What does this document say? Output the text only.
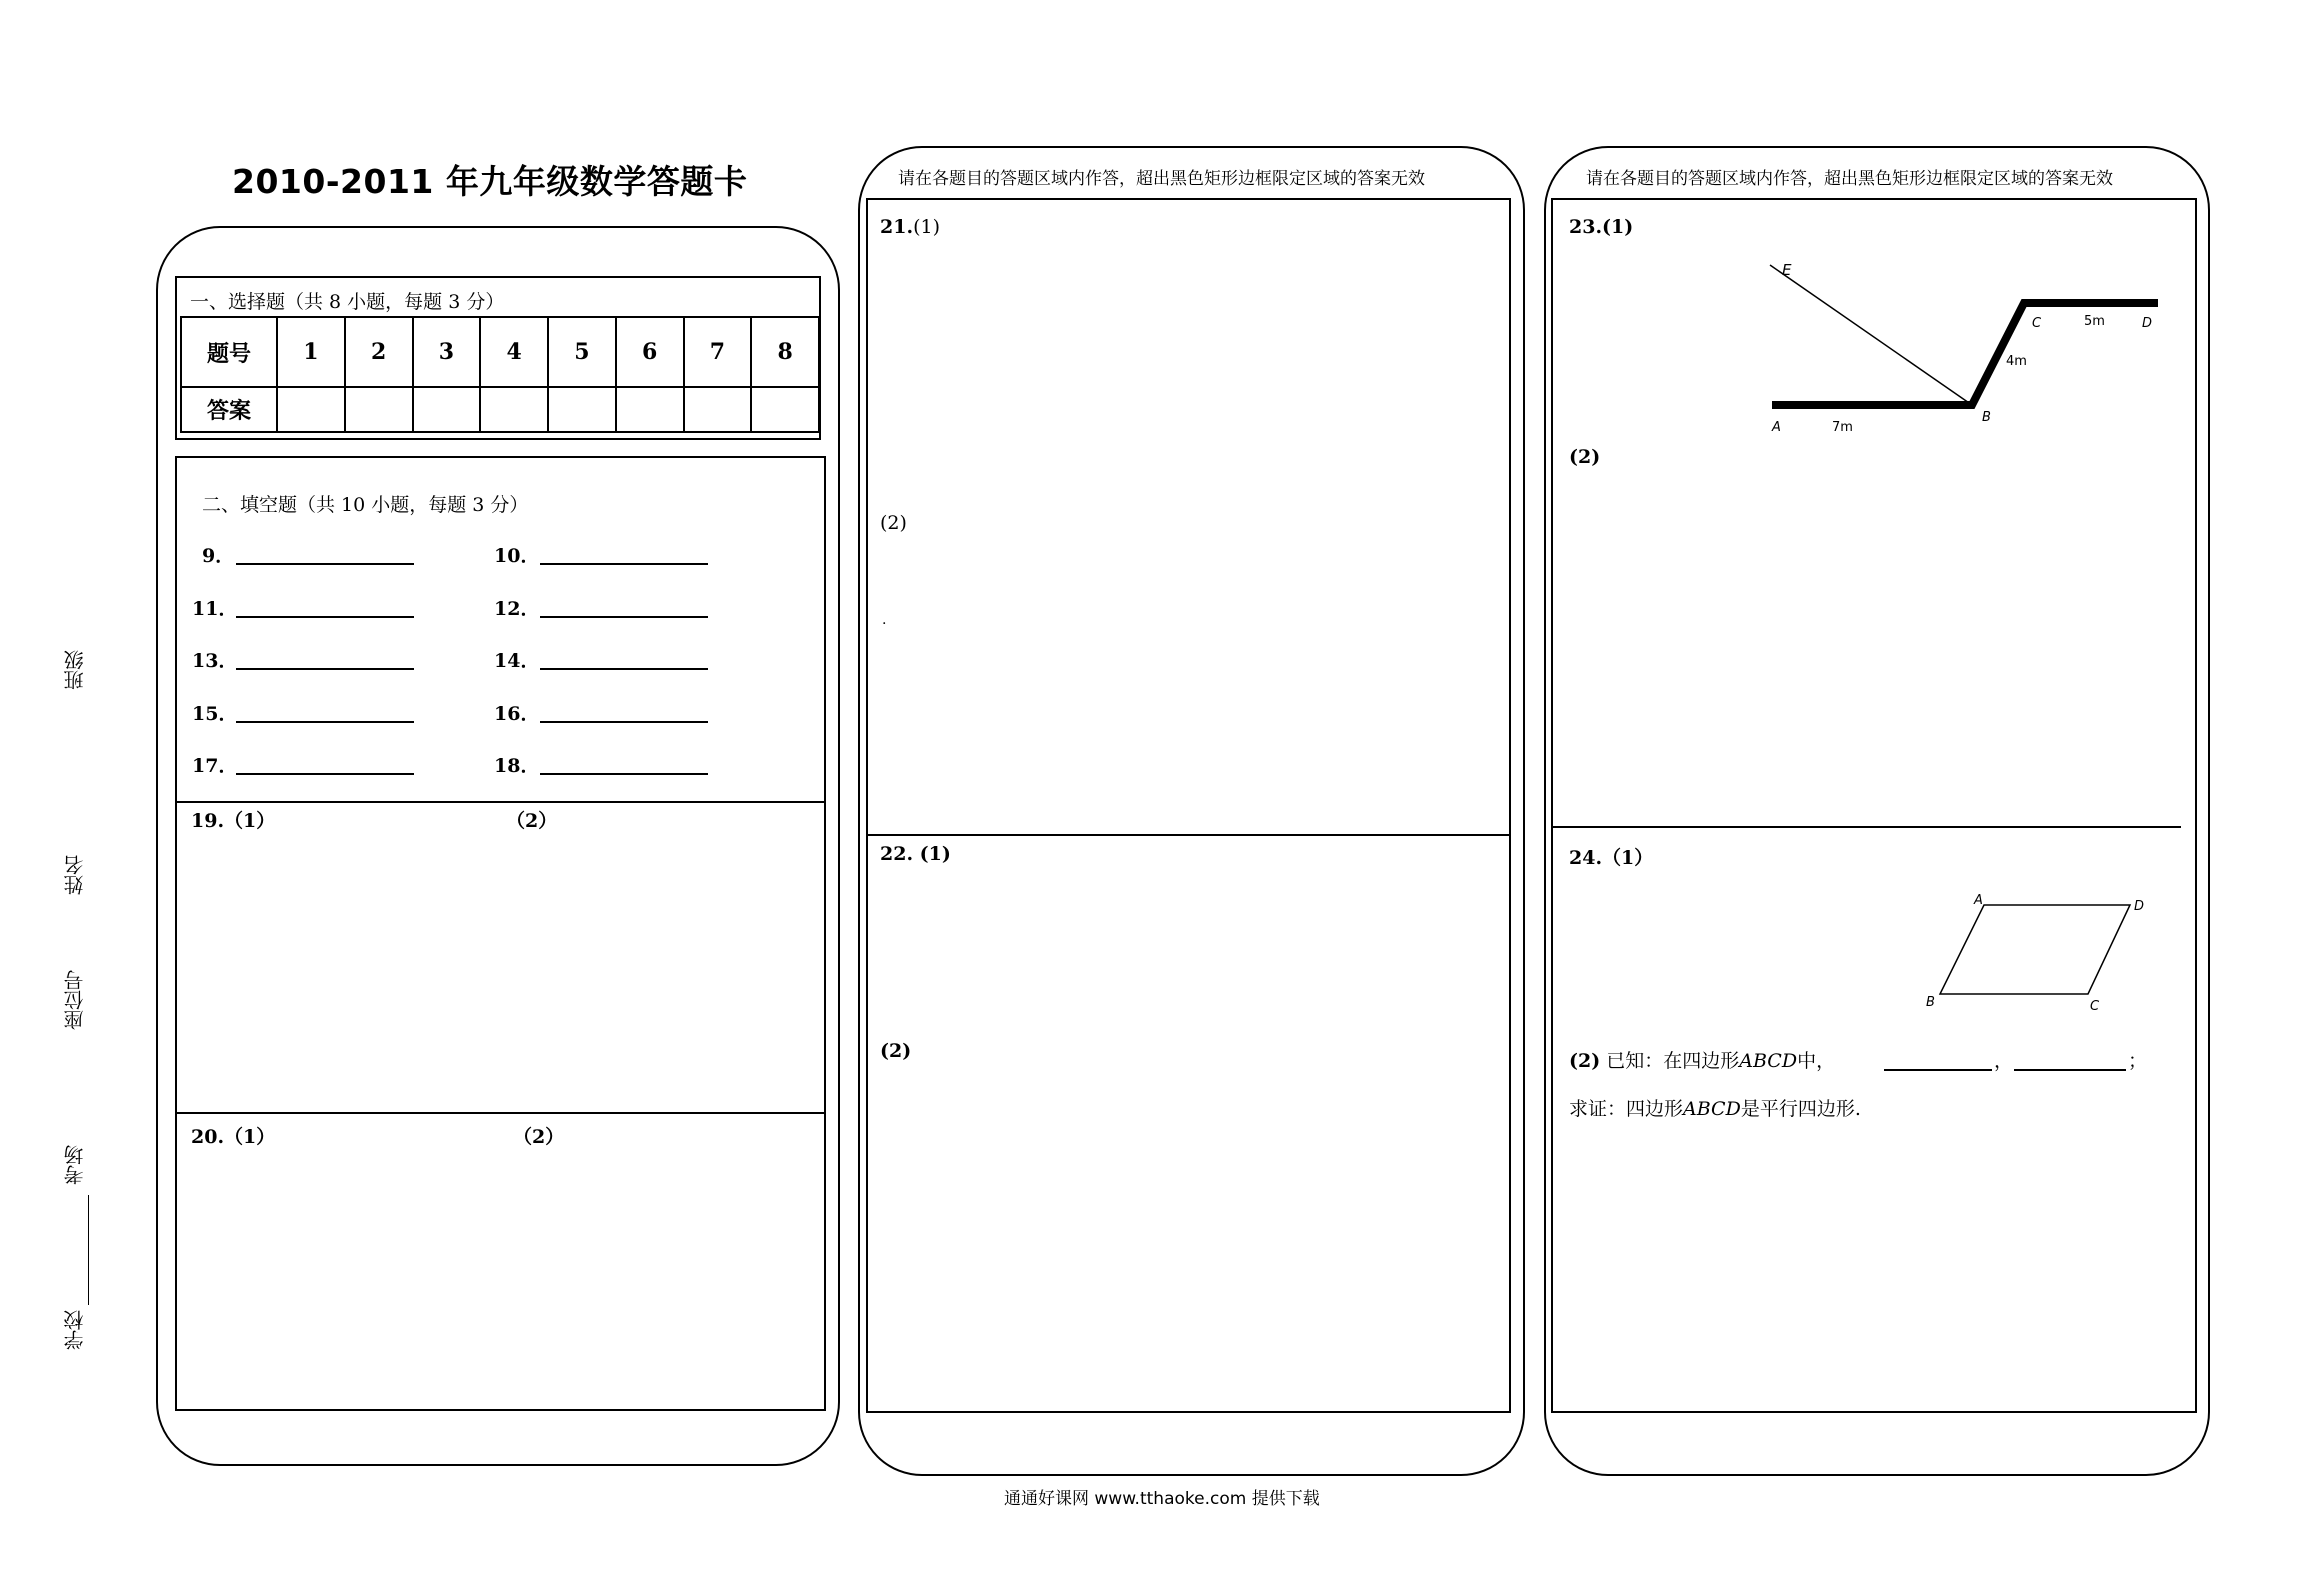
2010-2011 年九年级数学答题卡
班级
姓名
座位号
考场
学校
一、选择题（共 8 小题，每题 3 分）
题号	1	2	3	4	5	6	7	8
答案								
二、填空题（共 10 小题，每题 3 分）
9．	10．
11．	12．
13．	14．
15．	16．
17．	18．
19.（1）	（2）
20.（1）	（2）
请在各题目的答题区域内作答，超出黑色矩形边框限定区域的答案无效
21.(1)
(2)
.
22. (1)
(2)
请在各题目的答题区域内作答，超出黑色矩形边框限定区域的答案无效
23.(1)
E
A	7m
B
4m
C	5m	D
(2)
24.（1）
A	D
B	C
(2) 已知：在四边形ABCD中，	，	；
求证：四边形ABCD是平行四边形.
通通好课网 www.tthaoke.com 提供下载
